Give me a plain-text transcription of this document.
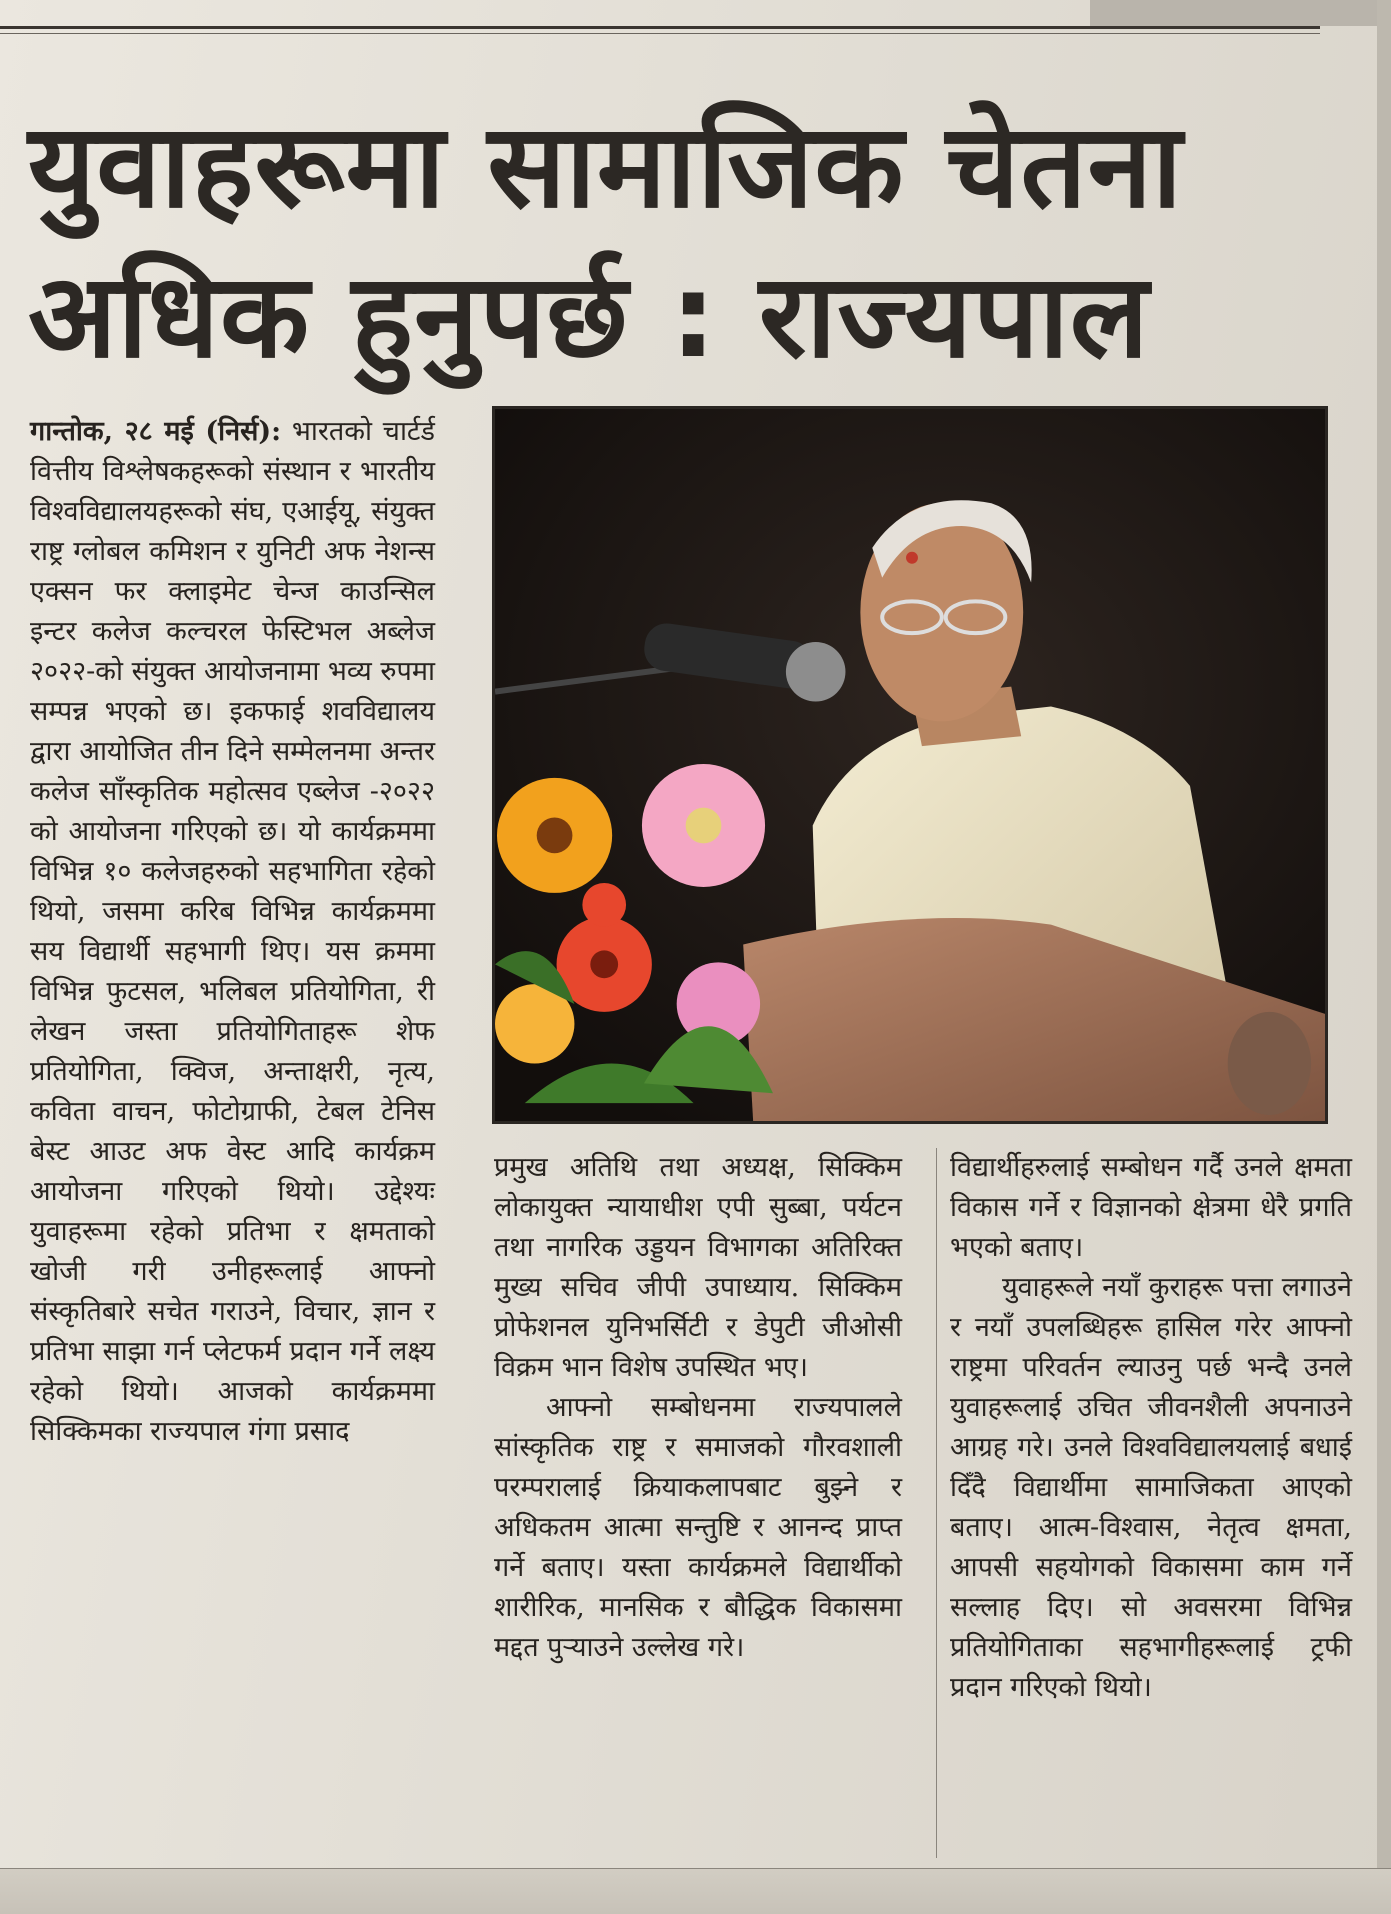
युवाहरूमा सामाजिक चेतना
अधिक हुनुपर्छ : राज्यपाल

गान्तोक, २८ मई (निर्स): भारतको चार्टर्ड वित्तीय विश्लेषकहरूको संस्थान र भारतीय विश्वविद्यालयहरूको संघ, एआईयू, संयुक्त राष्ट्र ग्लोबल कमिशन र युनिटी अफ नेशन्स एक्सन फर क्लाइमेट चेन्ज काउन्सिल इन्टर कलेज कल्चरल फेस्टिभल अब्लेज २०२२-को संयुक्त आयोजनामा भव्य रुपमा सम्पन्न भएको छ। इकफाई शवविद्यालय द्वारा आयोजित तीन दिने सम्मेलनमा अन्तर कलेज साँस्कृतिक महोत्सव एब्लेज -२०२२ को आयोजना गरिएको छ। यो कार्यक्रममा विभिन्न १० कलेजहरुको सहभागिता रहेको थियो, जसमा करिब विभिन्न कार्यक्रममा सय विद्यार्थी सहभागी थिए। यस क्रममा विभिन्न फुटसल, भलिबल प्रतियोगिता, री लेखन जस्ता प्रतियोगिताहरू शेफ प्रतियोगिता, क्विज, अन्ताक्षरी, नृत्य, कविता वाचन, फोटोग्राफी, टेबल टेनिस बेस्ट आउट अफ वेस्ट आदि कार्यक्रम आयोजना गरिएको थियो। उद्देश्यः युवाहरूमा रहेको प्रतिभा र क्षमताको खोजी गरी उनीहरूलाई आफ्नो संस्कृतिबारे सचेत गराउने, विचार, ज्ञान र प्रतिभा साझा गर्न प्लेटफर्म प्रदान गर्ने लक्ष्य रहेको थियो। आजको कार्यक्रममा सिक्किमका राज्यपाल गंगा प्रसाद

प्रमुख अतिथि तथा अध्यक्ष, सिक्किम लोकायुक्त न्यायाधीश एपी सुब्बा, पर्यटन तथा नागरिक उड्डयन विभागका अतिरिक्त मुख्य सचिव जीपी उपाध्याय. सिक्किम प्रोफेशनल युनिभर्सिटी र डेपुटी जीओसी विक्रम भान विशेष उपस्थित भए।

आफ्नो सम्बोधनमा राज्यपालले सांस्कृतिक राष्ट्र र समाजको गौरवशाली परम्परालाई क्रियाकलापबाट बुझ्ने र अधिकतम आत्मा सन्तुष्टि र आनन्द प्राप्त गर्ने बताए। यस्ता कार्यक्रमले विद्यार्थीको शारीरिक, मानसिक र बौद्धिक विकासमा मद्दत पुऱ्याउने उल्लेख गरे।

विद्यार्थीहरुलाई सम्बोधन गर्दै उनले क्षमता विकास गर्ने र विज्ञानको क्षेत्रमा धेरै प्रगति भएको बताए।

युवाहरूले नयाँ कुराहरू पत्ता लगाउने र नयाँ उपलब्धिहरू हासिल गरेर आफ्नो राष्ट्रमा परिवर्तन ल्याउनु पर्छ भन्दै उनले युवाहरूलाई उचित जीवनशैली अपनाउने आग्रह गरे। उनले विश्वविद्यालयलाई बधाई दिँदै विद्यार्थीमा सामाजिकता आएको बताए। आत्म-विश्वास, नेतृत्व क्षमता, आपसी सहयोगको विकासमा काम गर्ने सल्लाह दिए। सो अवसरमा विभिन्न प्रतियोगिताका सहभागीहरूलाई ट्रफी प्रदान गरिएको थियो।
